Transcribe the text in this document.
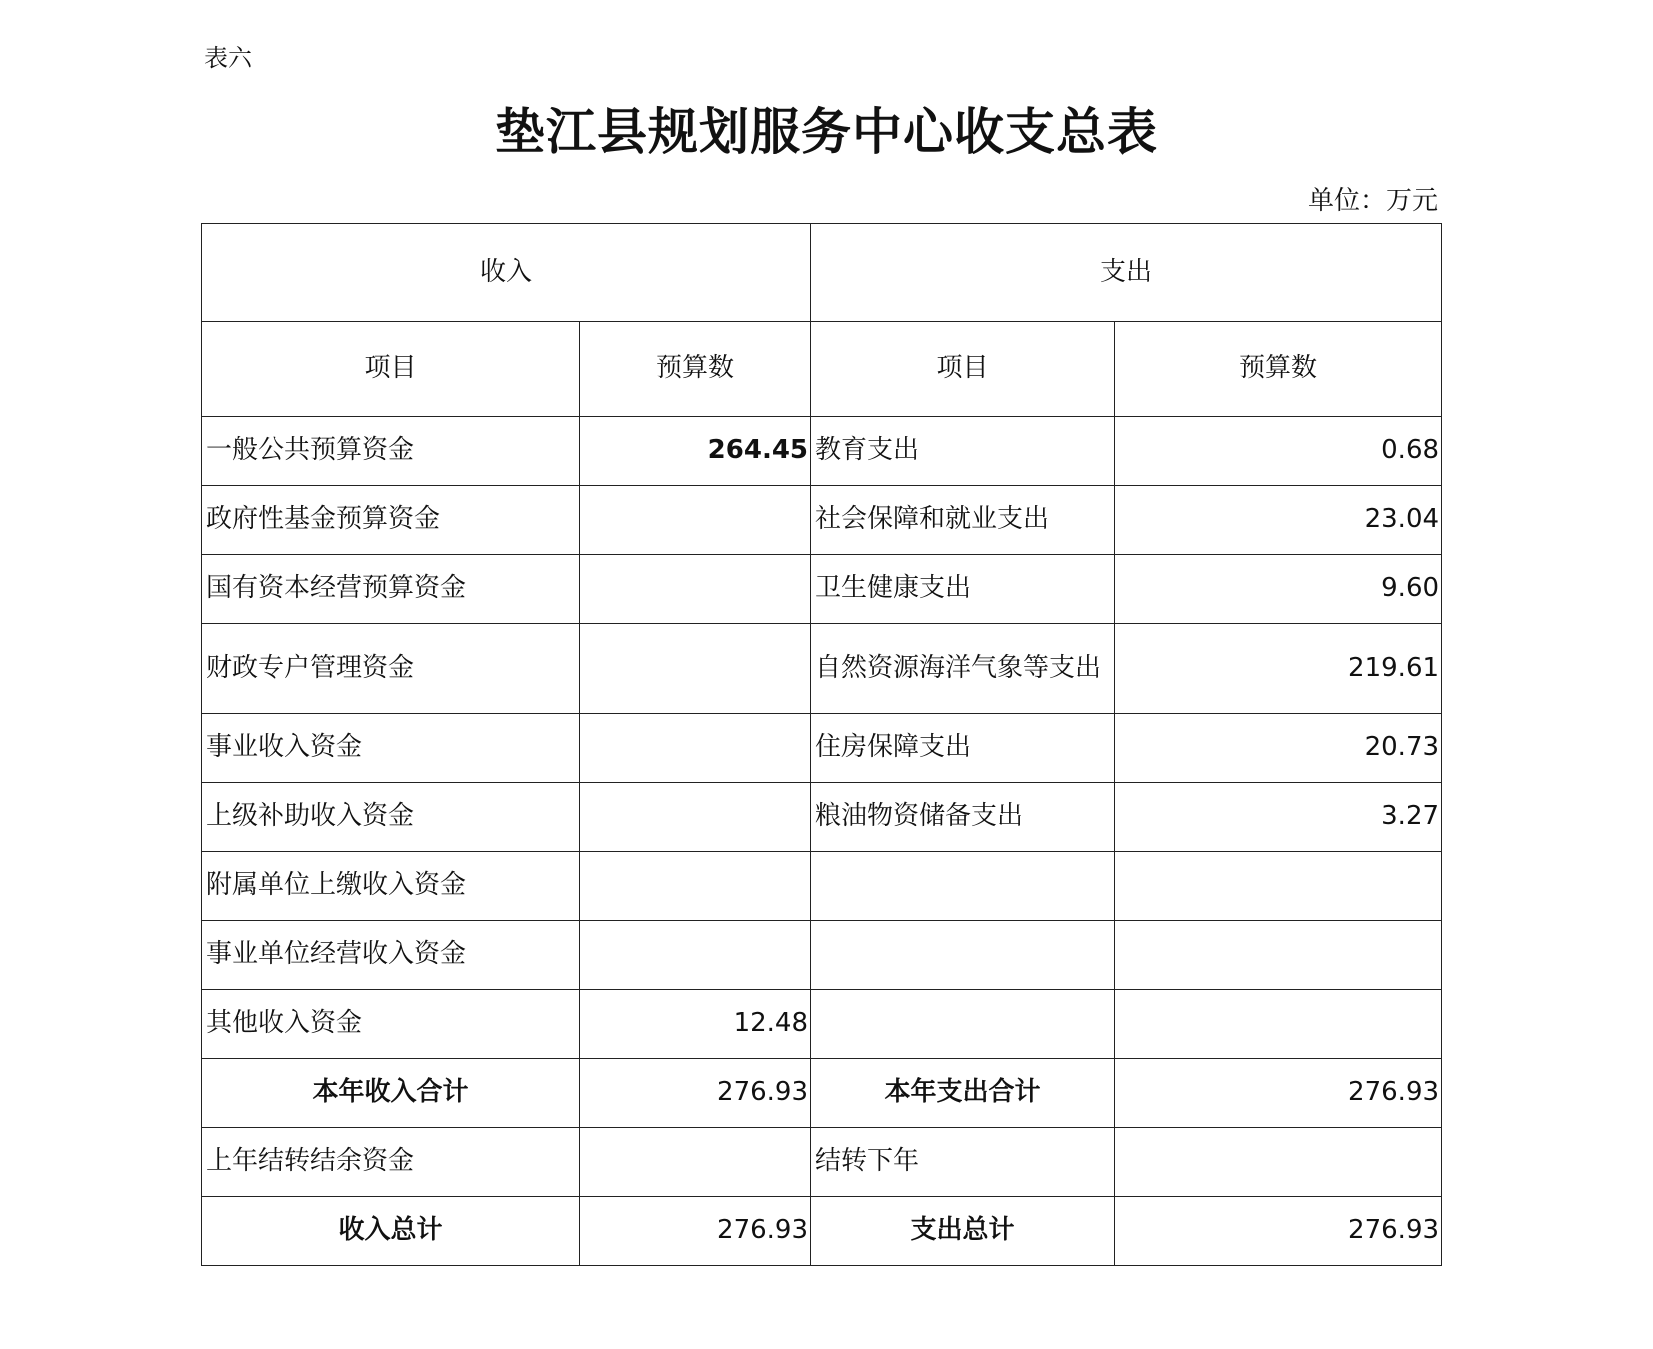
表六
垫江县规划服务中心收支总表
单位：万元
收入		支出	
项目	预算数	项目	预算数
一般公共预算资金	264.45	教育支出	0.68
政府性基金预算资金		社会保障和就业支出	23.04
国有资本经营预算资金		卫生健康支出	9.60
财政专户管理资金		自然资源海洋气象等支出	219.61
事业收入资金		住房保障支出	20.73
上级补助收入资金		粮油物资储备支出	3.27
附属单位上缴收入资金			
事业单位经营收入资金			
其他收入资金	12.48		
本年收入合计	276.93	本年支出合计	276.93
上年结转结余资金		结转下年	
收入总计	276.93	支出总计	276.93
